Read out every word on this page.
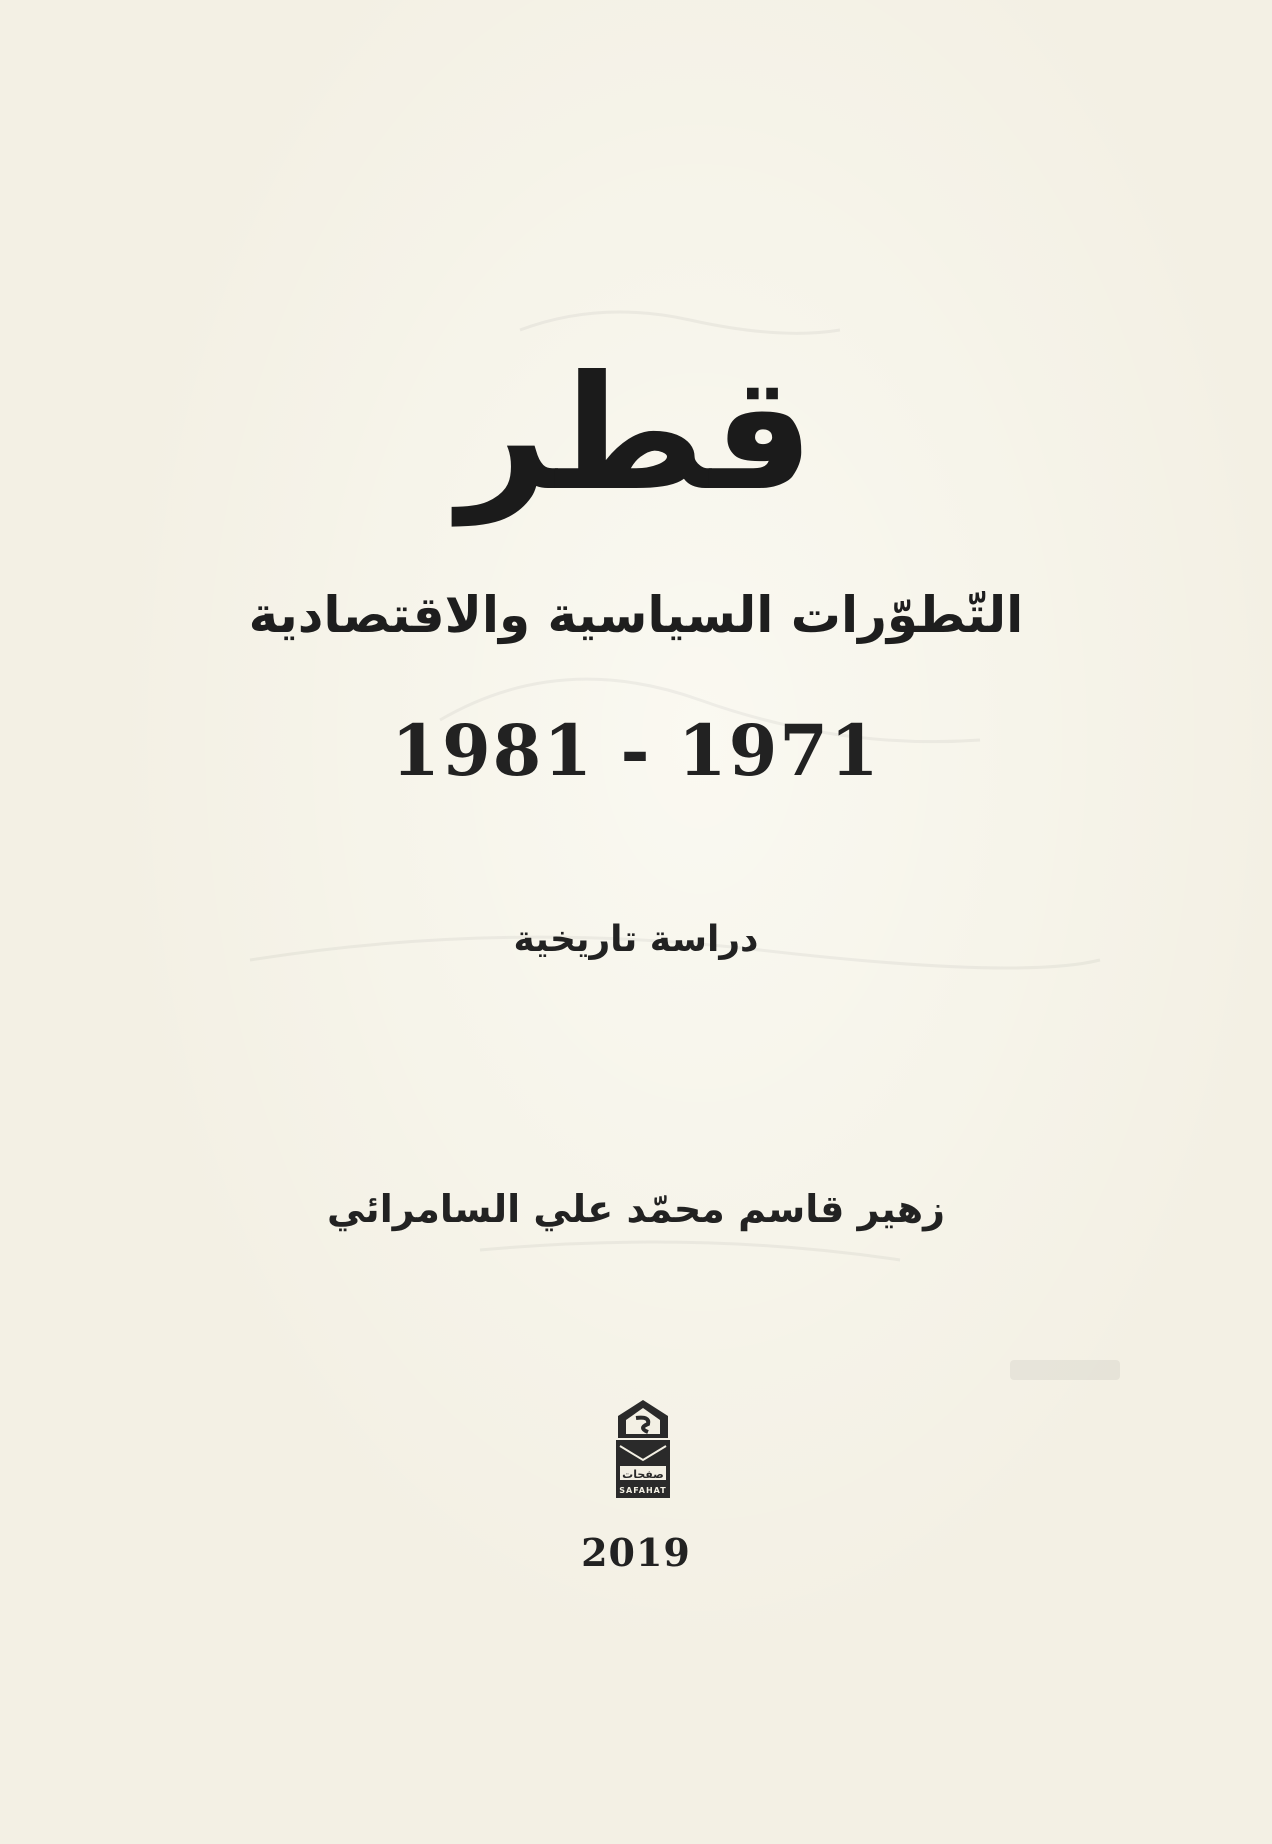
قطر
التّطوّرات السياسية والاقتصادية
1981 - 1971
دراسة تاريخية
زهير قاسم محمّد علي السامرائي
صفحات
SAFAHAT
2019
